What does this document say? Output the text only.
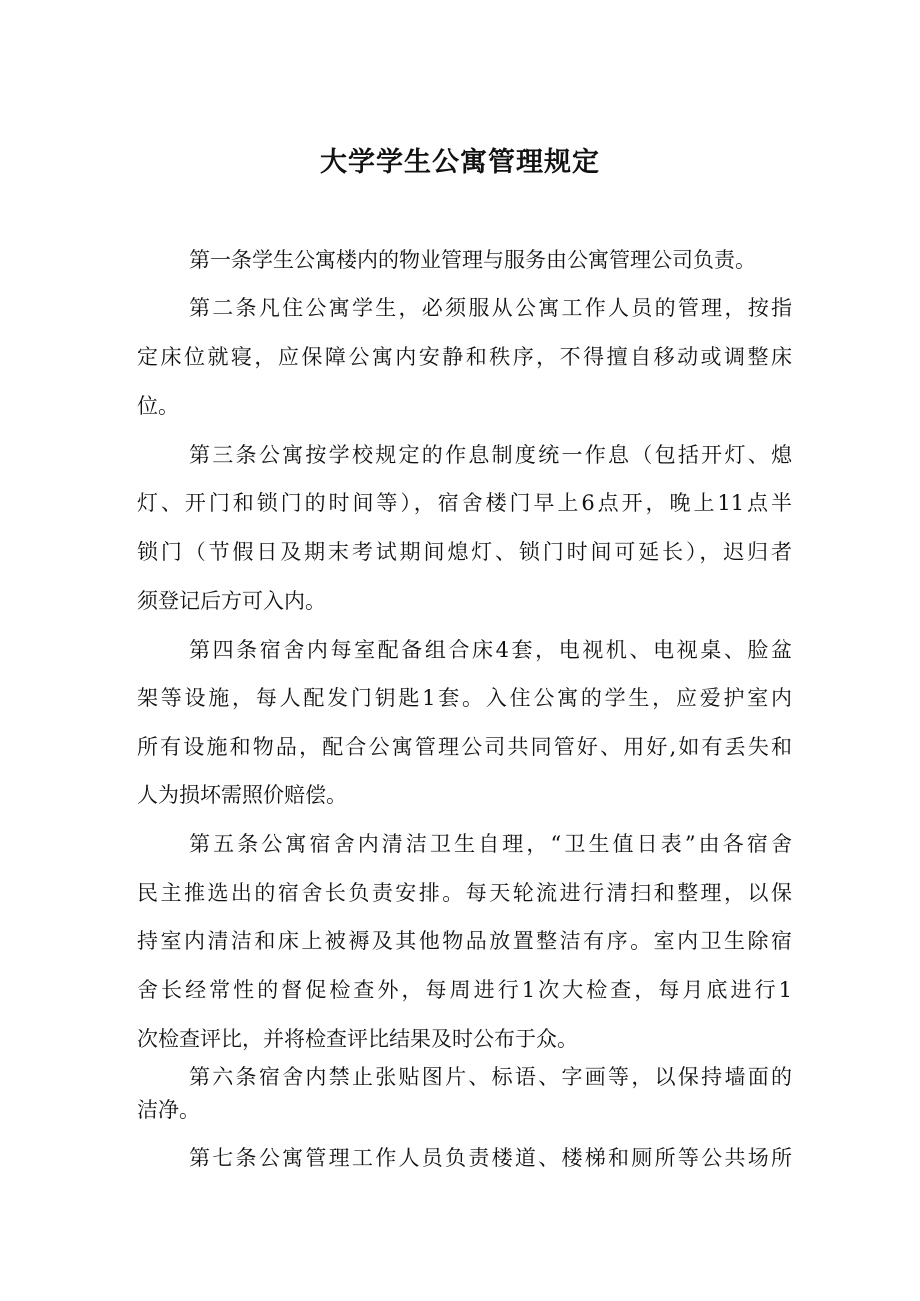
大学学生公寓管理规定
第一条学生公寓楼内的物业管理与服务由公寓管理公司负责。
第二条凡住公寓学生，必须服从公寓工作人员的管理，按指
定床位就寝，应保障公寓内安静和秩序，不得擅自移动或调整床
位。
第三条公寓按学校规定的作息制度统一作息（包括开灯、熄
灯、开门和锁门的时间等），宿舍楼门早上6点开，晚上11点半
锁门（节假日及期末考试期间熄灯、锁门时间可延长），迟归者
须登记后方可入内。
第四条宿舍内每室配备组合床4套，电视机、电视桌、脸盆
架等设施，每人配发门钥匙1套。入住公寓的学生，应爱护室内
所有设施和物品，配合公寓管理公司共同管好、用好,如有丢失和
人为损坏需照价赔偿。
第五条公寓宿舍内清洁卫生自理，“卫生值日表”由各宿舍
民主推选出的宿舍长负责安排。每天轮流进行清扫和整理，以保
持室内清洁和床上被褥及其他物品放置整洁有序。室内卫生除宿
舍长经常性的督促检查外，每周进行1次大检查，每月底进行1
次检查评比，并将检查评比结果及时公布于众。
第六条宿舍内禁止张贴图片、标语、字画等，以保持墙面的
洁净。
第七条公寓管理工作人员负责楼道、楼梯和厕所等公共场所
